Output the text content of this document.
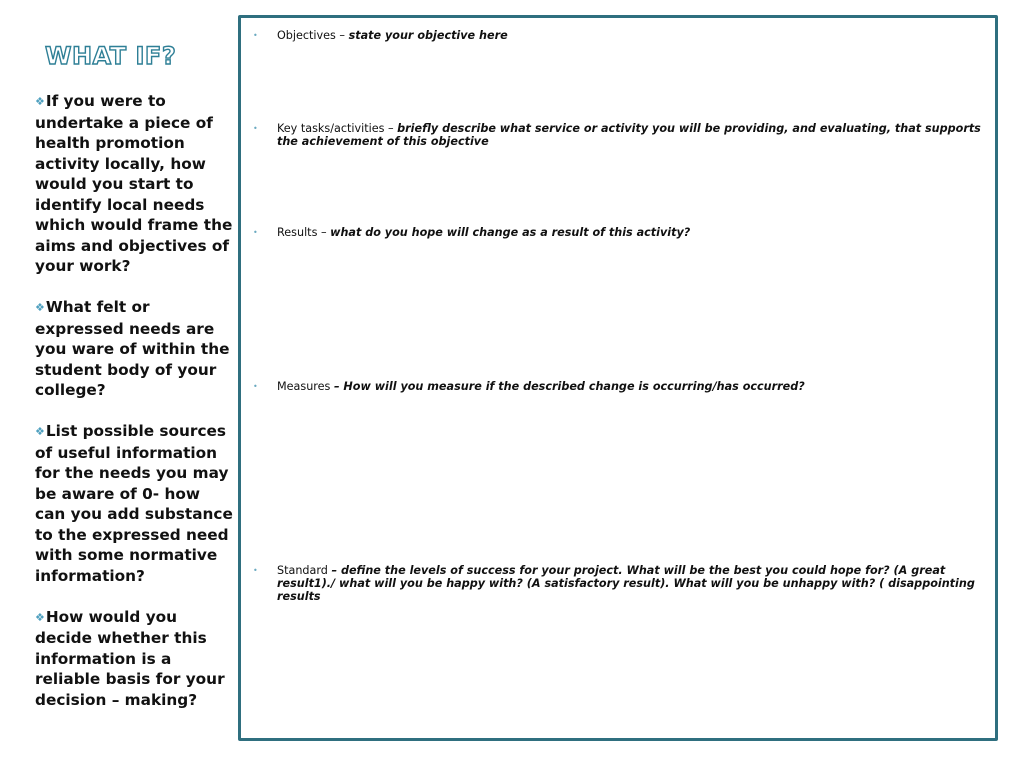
WHAT IF?
❖If you were to undertake a piece of health promotion activity locally, how would you start to identify local needs which would frame the aims and objectives of your work?
❖What felt or expressed needs are you ware of within the student body of your college?
❖List possible sources of useful information for the needs you may be aware of 0- how can you add substance to the expressed need with some normative information?
❖How would you decide whether this information is a reliable basis for your decision – making?
• Objectives – state your objective here
• Key tasks/activities – briefly describe what service or activity you will be providing, and evaluating, that supports the achievement of this objective
• Results – what do you hope will change as a result of this activity?
• Measures – How will you measure if the described change is occurring/has occurred?
• Standard – define the levels of success for your project. What will be the best you could hope for? (A great result1)./ what will you be happy with? (A satisfactory result). What will you be unhappy with? ( disappointing results
